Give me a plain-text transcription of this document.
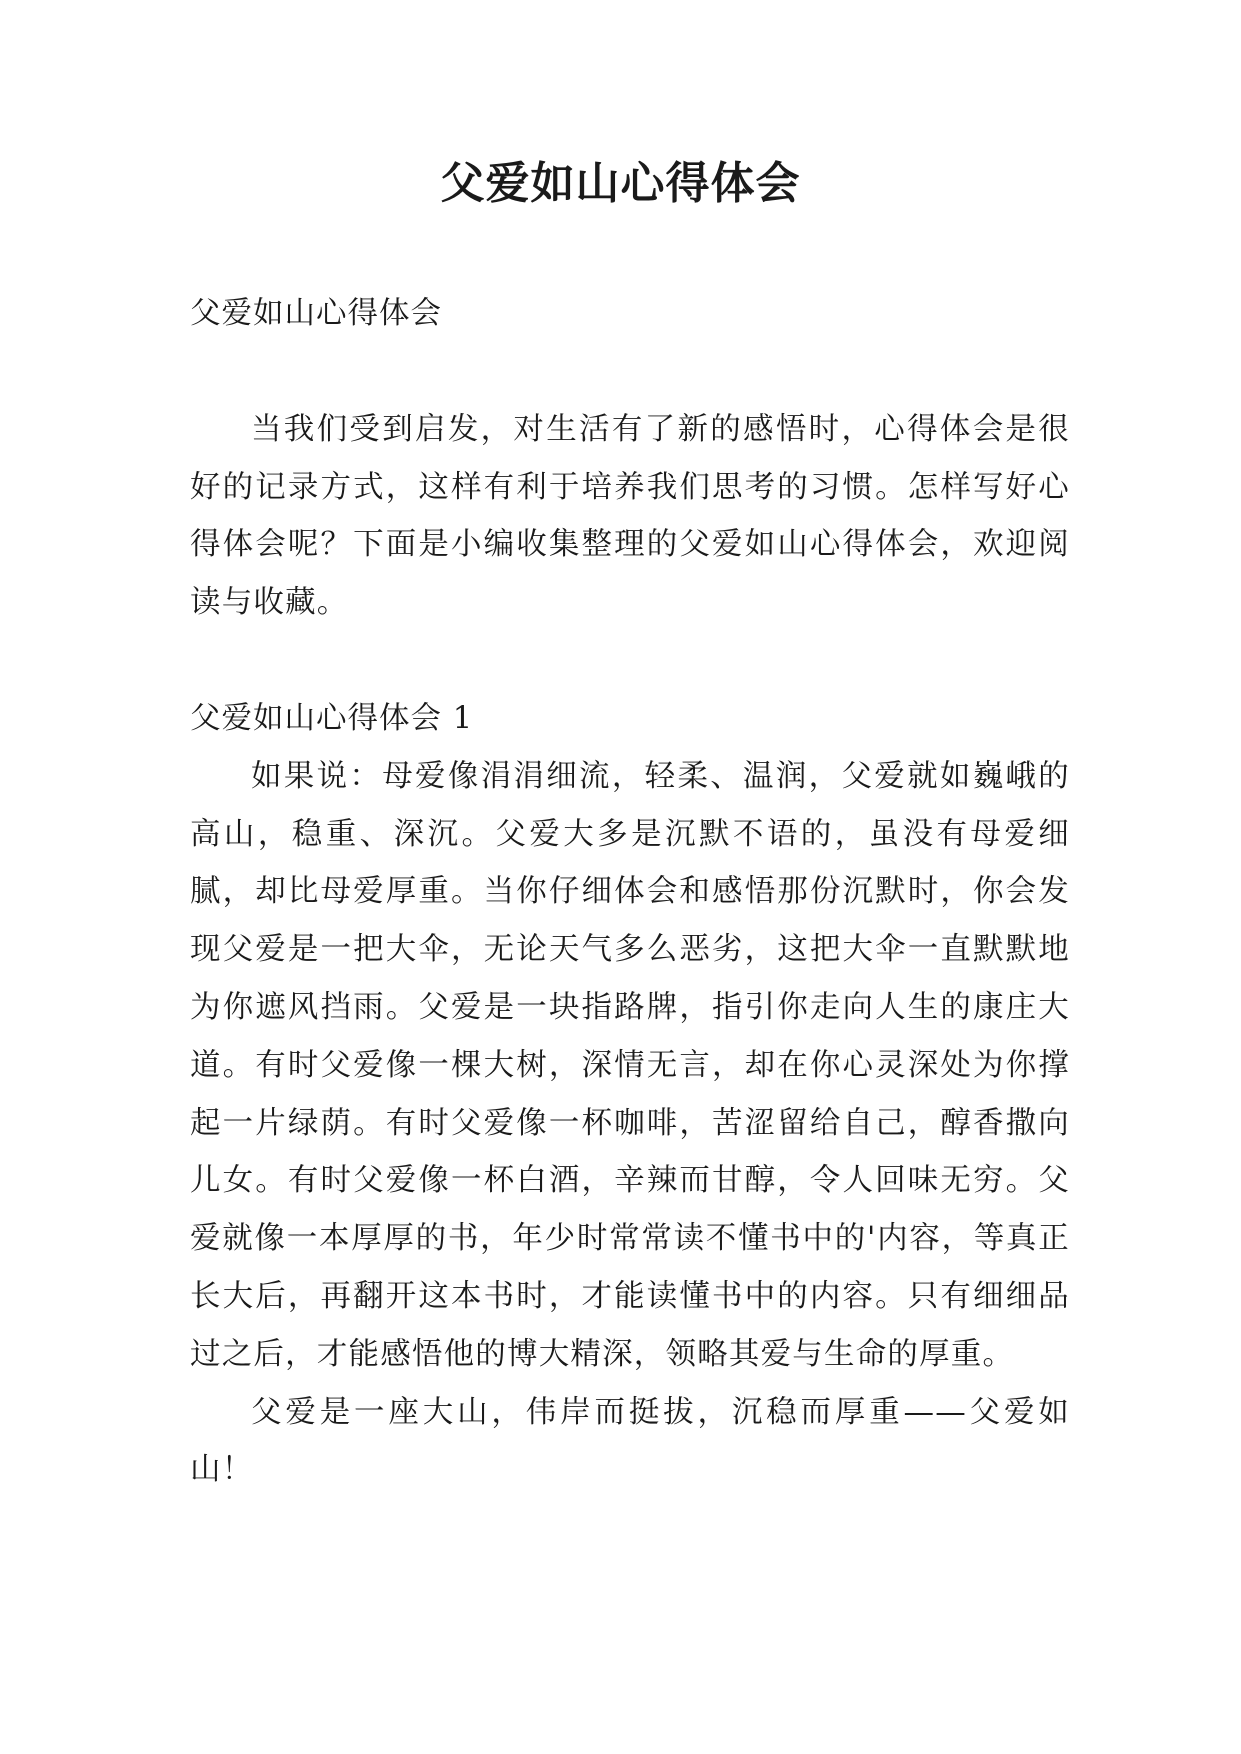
父爱如山心得体会
父爱如山心得体会

当我们受到启发，对生活有了新的感悟时，心得体会是很好的记录方式，这样有利于培养我们思考的习惯。怎样写好心得体会呢？下面是小编收集整理的父爱如山心得体会，欢迎阅读与收藏。

父爱如山心得体会 1

如果说：母爱像涓涓细流，轻柔、温润，父爱就如巍峨的高山，稳重、深沉。父爱大多是沉默不语的，虽没有母爱细腻，却比母爱厚重。当你仔细体会和感悟那份沉默时，你会发现父爱是一把大伞，无论天气多么恶劣，这把大伞一直默默地为你遮风挡雨。父爱是一块指路牌，指引你走向人生的康庄大道。有时父爱像一棵大树，深情无言，却在你心灵深处为你撑起一片绿荫。有时父爱像一杯咖啡，苦涩留给自己，醇香撒向儿女。有时父爱像一杯白酒，辛辣而甘醇，令人回味无穷。父爱就像一本厚厚的书，年少时常常读不懂书中的'内容，等真正长大后，再翻开这本书时，才能读懂书中的内容。只有细细品过之后，才能感悟他的博大精深，领略其爱与生命的厚重。

父爱是一座大山，伟岸而挺拔，沉稳而厚重——父爱如山！
